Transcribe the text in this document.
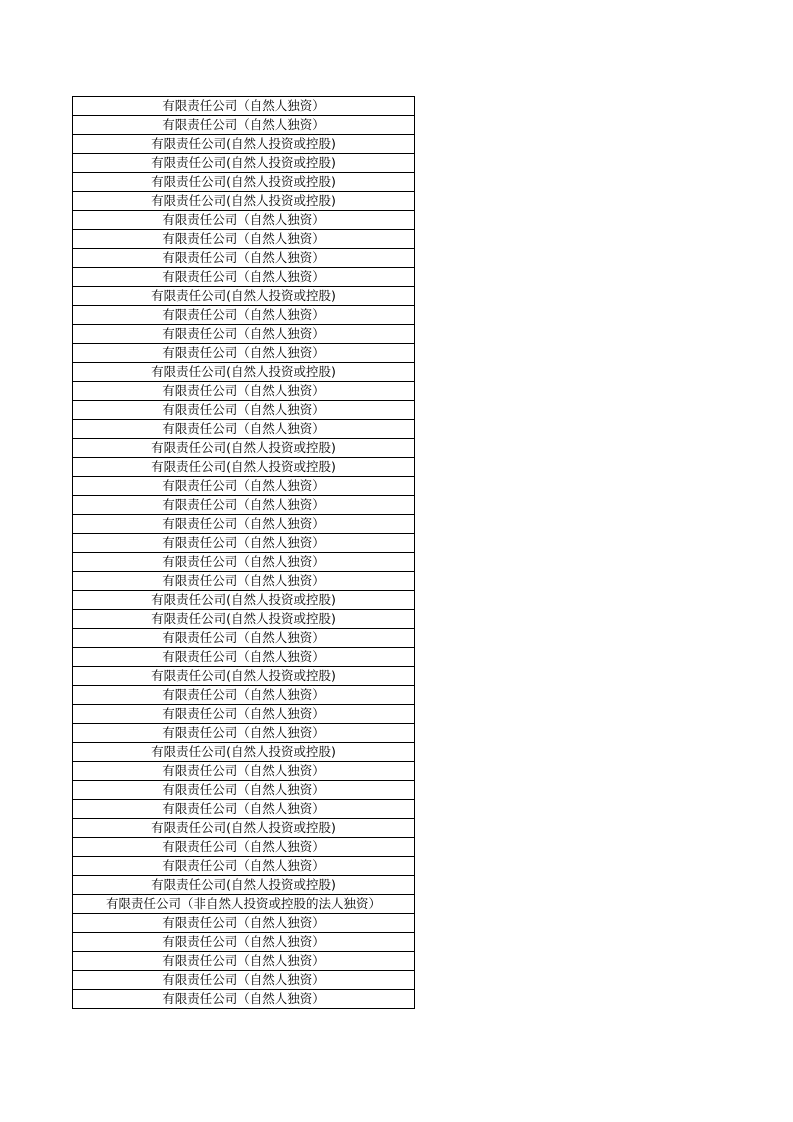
有限责任公司（自然人独资）
有限责任公司（自然人独资）
有限责任公司(自然人投资或控股)
有限责任公司(自然人投资或控股)
有限责任公司(自然人投资或控股)
有限责任公司(自然人投资或控股)
有限责任公司（自然人独资）
有限责任公司（自然人独资）
有限责任公司（自然人独资）
有限责任公司（自然人独资）
有限责任公司(自然人投资或控股)
有限责任公司（自然人独资）
有限责任公司（自然人独资）
有限责任公司（自然人独资）
有限责任公司(自然人投资或控股)
有限责任公司（自然人独资）
有限责任公司（自然人独资）
有限责任公司（自然人独资）
有限责任公司(自然人投资或控股)
有限责任公司(自然人投资或控股)
有限责任公司（自然人独资）
有限责任公司（自然人独资）
有限责任公司（自然人独资）
有限责任公司（自然人独资）
有限责任公司（自然人独资）
有限责任公司（自然人独资）
有限责任公司(自然人投资或控股)
有限责任公司(自然人投资或控股)
有限责任公司（自然人独资）
有限责任公司（自然人独资）
有限责任公司(自然人投资或控股)
有限责任公司（自然人独资）
有限责任公司（自然人独资）
有限责任公司（自然人独资）
有限责任公司(自然人投资或控股)
有限责任公司（自然人独资）
有限责任公司（自然人独资）
有限责任公司（自然人独资）
有限责任公司(自然人投资或控股)
有限责任公司（自然人独资）
有限责任公司（自然人独资）
有限责任公司(自然人投资或控股)
有限责任公司（非自然人投资或控股的法人独资）
有限责任公司（自然人独资）
有限责任公司（自然人独资）
有限责任公司（自然人独资）
有限责任公司（自然人独资）
有限责任公司（自然人独资）
